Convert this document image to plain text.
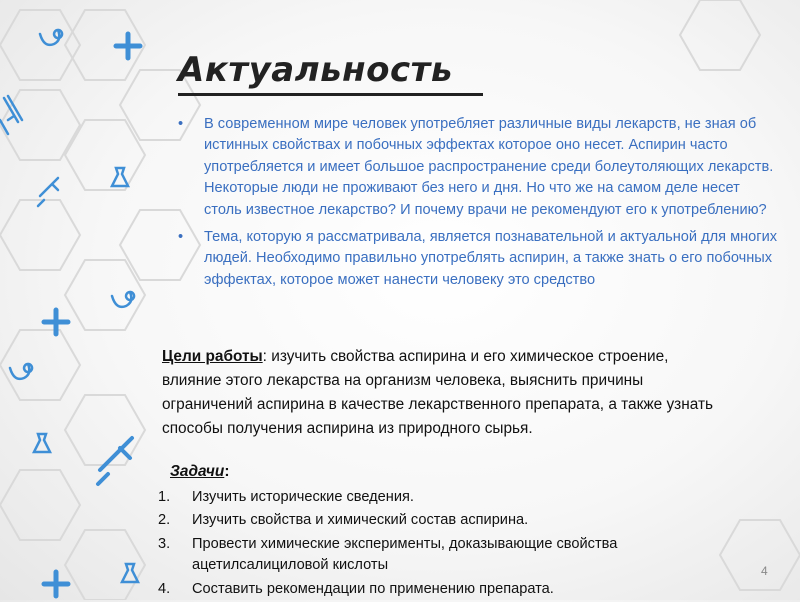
Актуальность
• В современном мире человек употребляет различные виды лекарств, не зная об истинных свойствах и побочных эффектах которое оно несет. Аспирин часто употребляется и имеет большое распространение среди болеутоляющих лекарств. Некоторые люди не проживают без него и дня. Но что же на самом деле несет столь известное лекарство? И почему врачи не рекомендуют его к употреблению?
• Тема, которую я рассматривала, является познавательной и актуальной для многих людей. Необходимо правильно употреблять аспирин, а также знать о его побочных эффектах, которое может нанести человеку это средство

Цели работы: изучить свойства аспирина и его химическое строение, влияние этого лекарства на организм человека, выяснить причины ограничений аспирина в качестве лекарственного препарата, а также узнать способы получения аспирина из природного сырья.

Задачи:
1. Изучить исторические сведения.
2. Изучить свойства и химический состав аспирина.
3. Провести химические эксперименты, доказывающие свойства ацетилсалициловой кислоты
4. Составить рекомендации по применению препарата.
4
